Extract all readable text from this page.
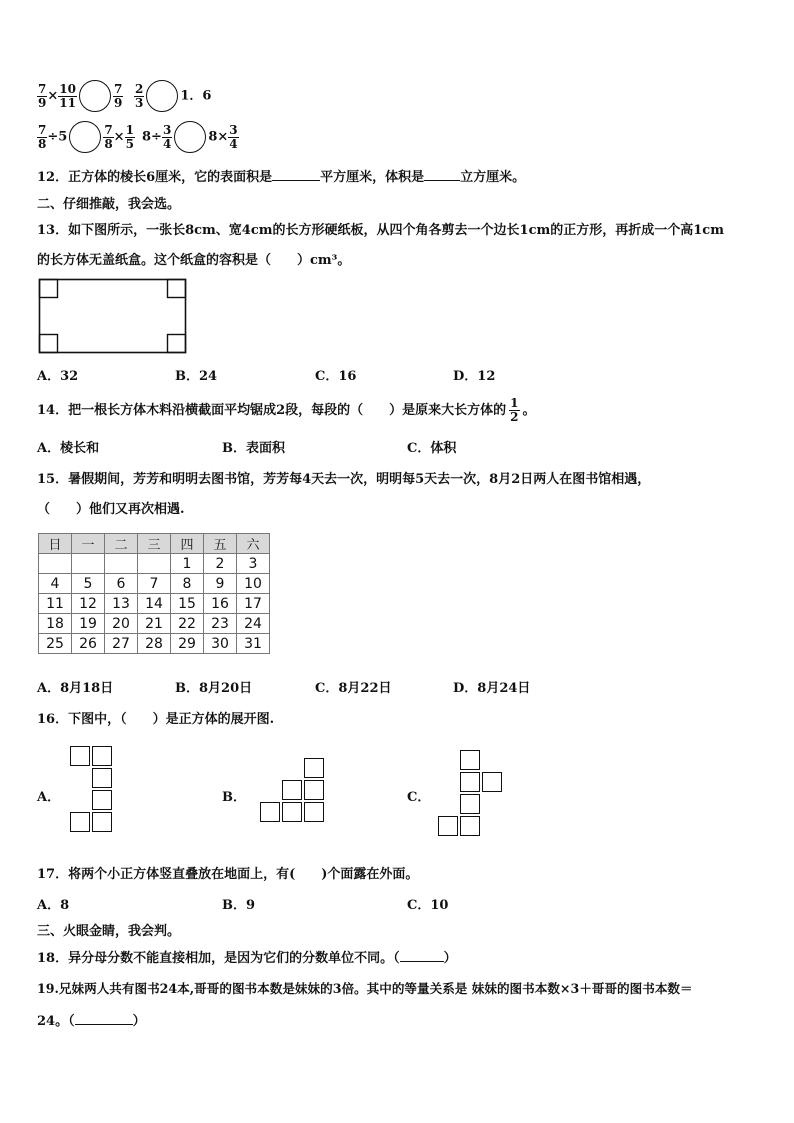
$\frac{7}{9} \times \frac{10}{11}$	$\frac{7}{9} \frac{2}{3}$	1．6
$\frac{7}{8} \div 5$	$\frac{7}{8} \times \frac{1}{5} 8\div \frac{3}{4}$	$8\times \frac{3}{4}$
12．正方体的棱长6厘米，它的表面积是	平方厘米，体积是	立方厘米。
二、仔细推敲，我会选。
13．如下图所示，一张长8cm、宽4cm的长方形硬纸板，从四个角各剪去一个边长1cm的正方形，再折成一个高1cm
的长方体无盖纸盒。这个纸盒的容积是（　　）cm³。
A．32	B．24	C．16	D．12
14．把一根长方体木料沿横截面平均锯成2段，每段的（　　）是原来大长方体的 $\frac{1}{2}$ 。
A．棱长和	B．表面积	C．体积
15．暑假期间，芳芳和明明去图书馆，芳芳每4天去一次，明明每5天去一次，8月2日两人在图书馆相遇，
（　　）他们又再次相遇.
日	一	二	三	四	五	六
				1	2	3
4	5	6	7	8	9	10
11	12	13	14	15	16	17
18	19	20	21	22	23	24
25	26	27	28	29	30	31
A．8月18日	B．8月20日	C．8月22日	D．8月24日
16．下图中，（　　）是正方体的展开图.
A．	B．	C．
17．将两个小正方体竖直叠放在地面上，有(　　)个面露在外面。
A．8	B．9	C．10
三、火眼金睛，我会判。
18．异分母分数不能直接相加，是因为它们的分数单位不同。（	）
19.兄妹两人共有图书24本,哥哥的图书本数是妹妹的3倍。其中的等量关系是 妹妹的图书本数×3＋哥哥的图书本数＝
24。（	）
